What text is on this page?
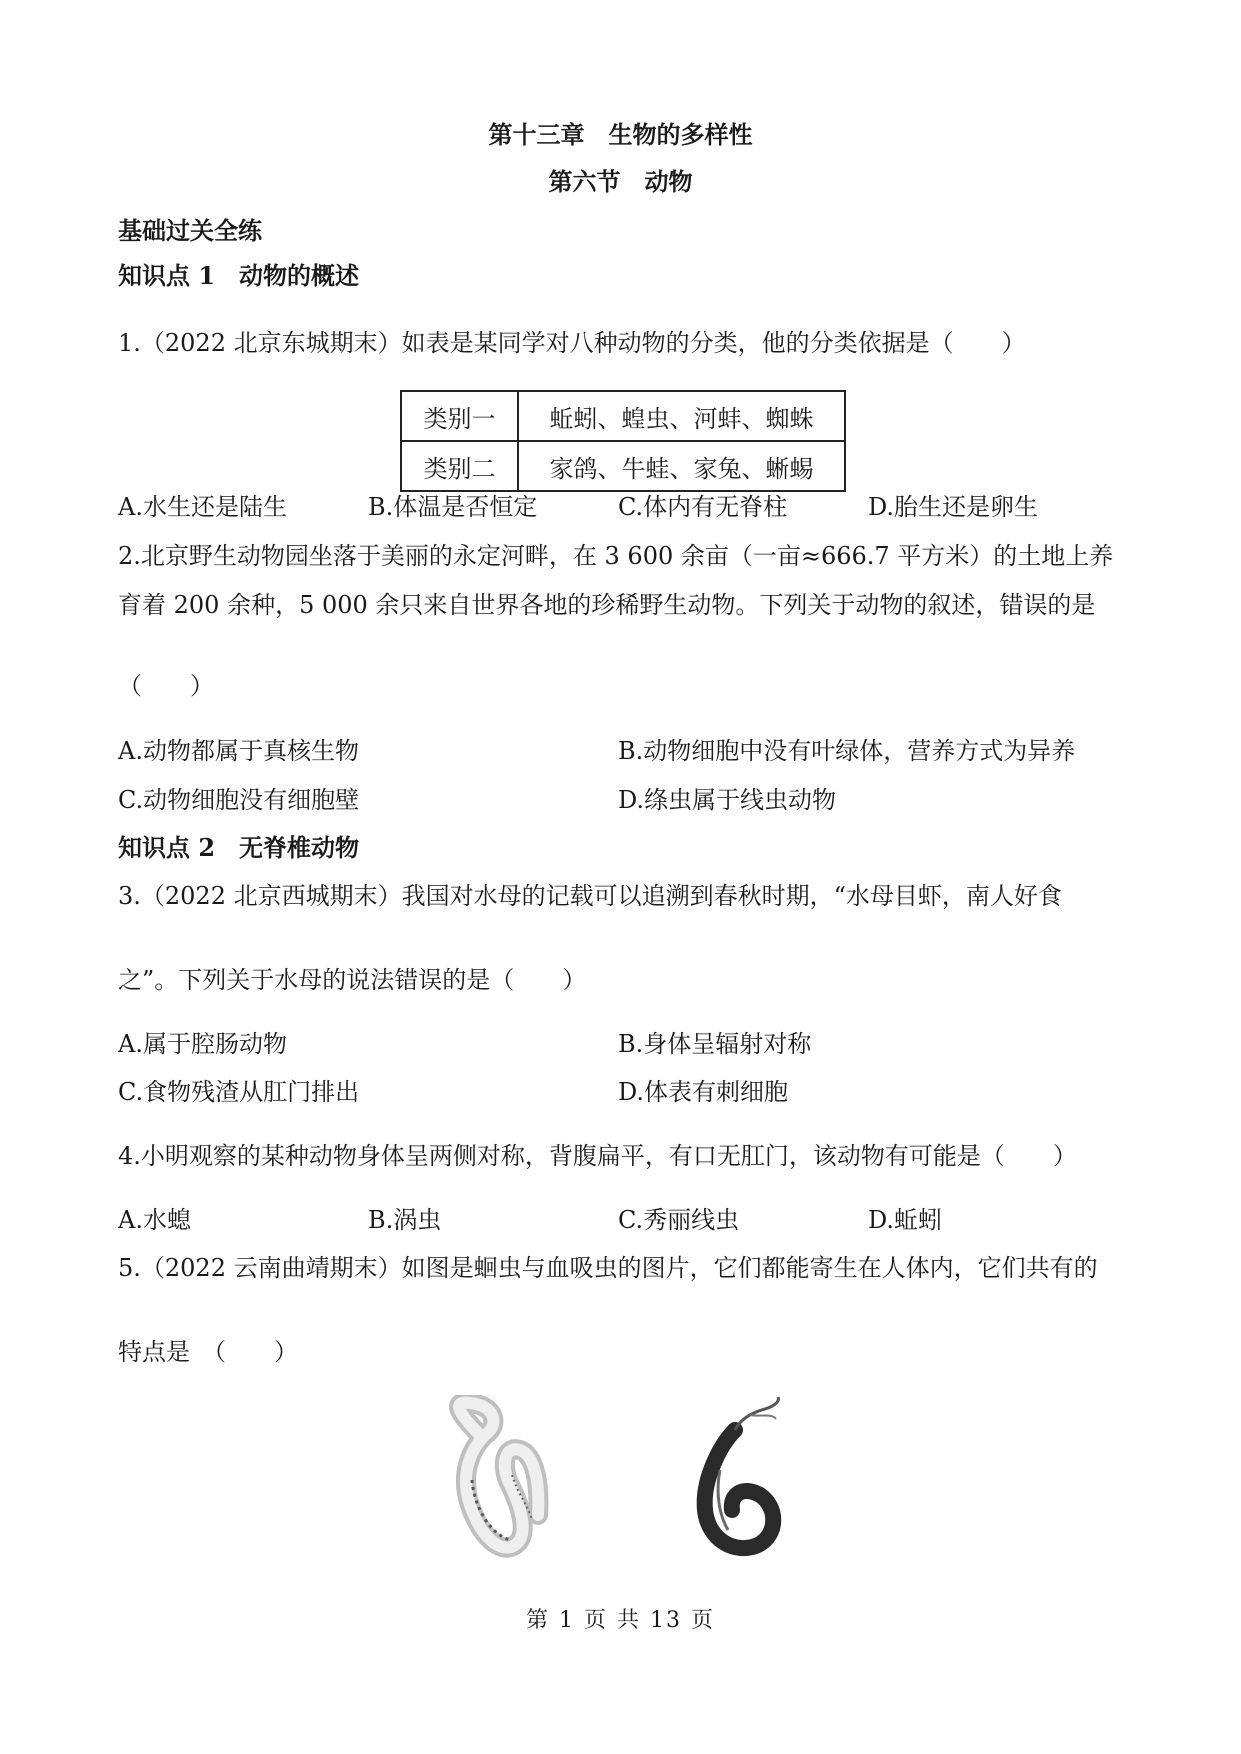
第十三章　生物的多样性
第六节　动物
基础过关全练
知识点 1　动物的概述
1.（2022 北京东城期末）如表是某同学对八种动物的分类，他的分类依据是（　　）
类别一	蚯蚓、蝗虫、河蚌、蜘蛛
类别二	家鸽、牛蛙、家兔、蜥蜴
A.水生还是陆生	B.体温是否恒定	C.体内有无脊柱	D.胎生还是卵生
2.北京野生动物园坐落于美丽的永定河畔，在 3 600 余亩（一亩≈666.7 平方米）的土地上养
育着 200 余种，5 000 余只来自世界各地的珍稀野生动物。下列关于动物的叙述，错误的是
（　　）
A.动物都属于真核生物	B.动物细胞中没有叶绿体，营养方式为异养
C.动物细胞没有细胞壁	D.绦虫属于线虫动物
知识点 2　无脊椎动物
3.（2022 北京西城期末）我国对水母的记载可以追溯到春秋时期，“水母目虾，南人好食
之”。下列关于水母的说法错误的是（　　）
A.属于腔肠动物	B.身体呈辐射对称
C.食物残渣从肛门排出	D.体表有刺细胞
4.小明观察的某种动物身体呈两侧对称，背腹扁平，有口无肛门，该动物有可能是（　　）
A.水螅	B.涡虫	C.秀丽线虫	D.蚯蚓
5.（2022 云南曲靖期末）如图是蛔虫与血吸虫的图片，它们都能寄生在人体内，它们共有的
特点是　（　　）
第 1 页 共 13 页
